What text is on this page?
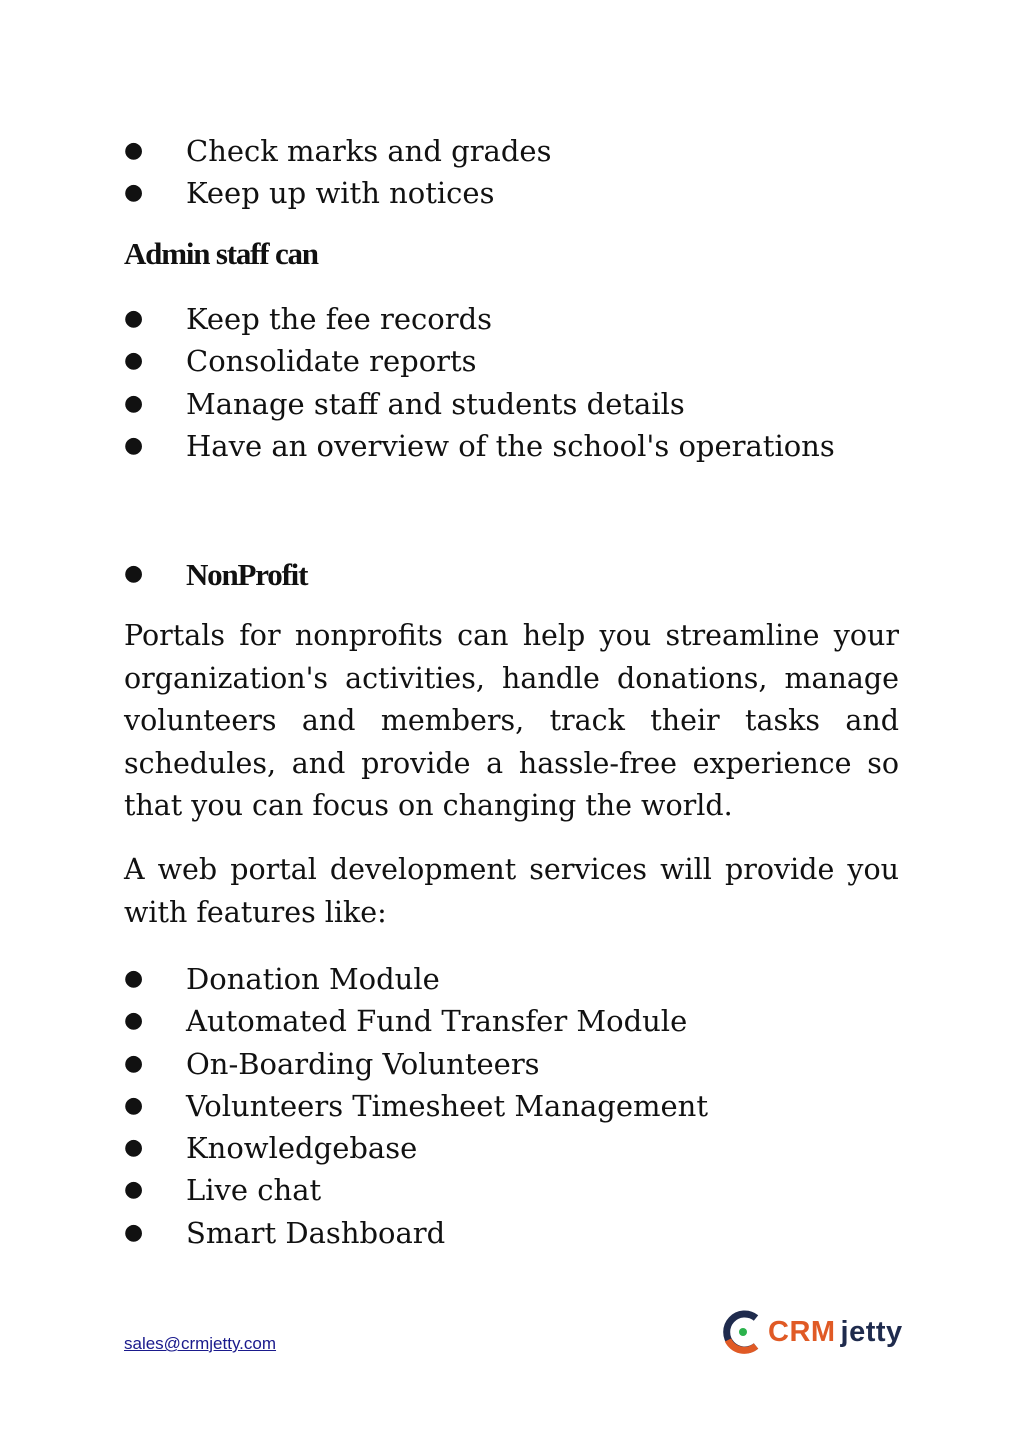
●	Check marks and grades
●	Keep up with notices
Admin staff can
●	Keep the fee records
●	Consolidate reports
●	Manage staff and students details
●	Have an overview of the school's operations
● NonProfit

Portals for nonprofits can help you streamline your organization's activities, handle donations, manage volunteers and members, track their tasks and schedules, and provide a hassle-free experience so that you can focus on changing the world.

A web portal development services will provide you with features like:

●	Donation Module
●	Automated Fund Transfer Module
●	On-Boarding Volunteers
●	Volunteers Timesheet Management
●	Knowledgebase
●	Live chat
●	Smart Dashboard
sales@crmjetty.com	CRM jetty
